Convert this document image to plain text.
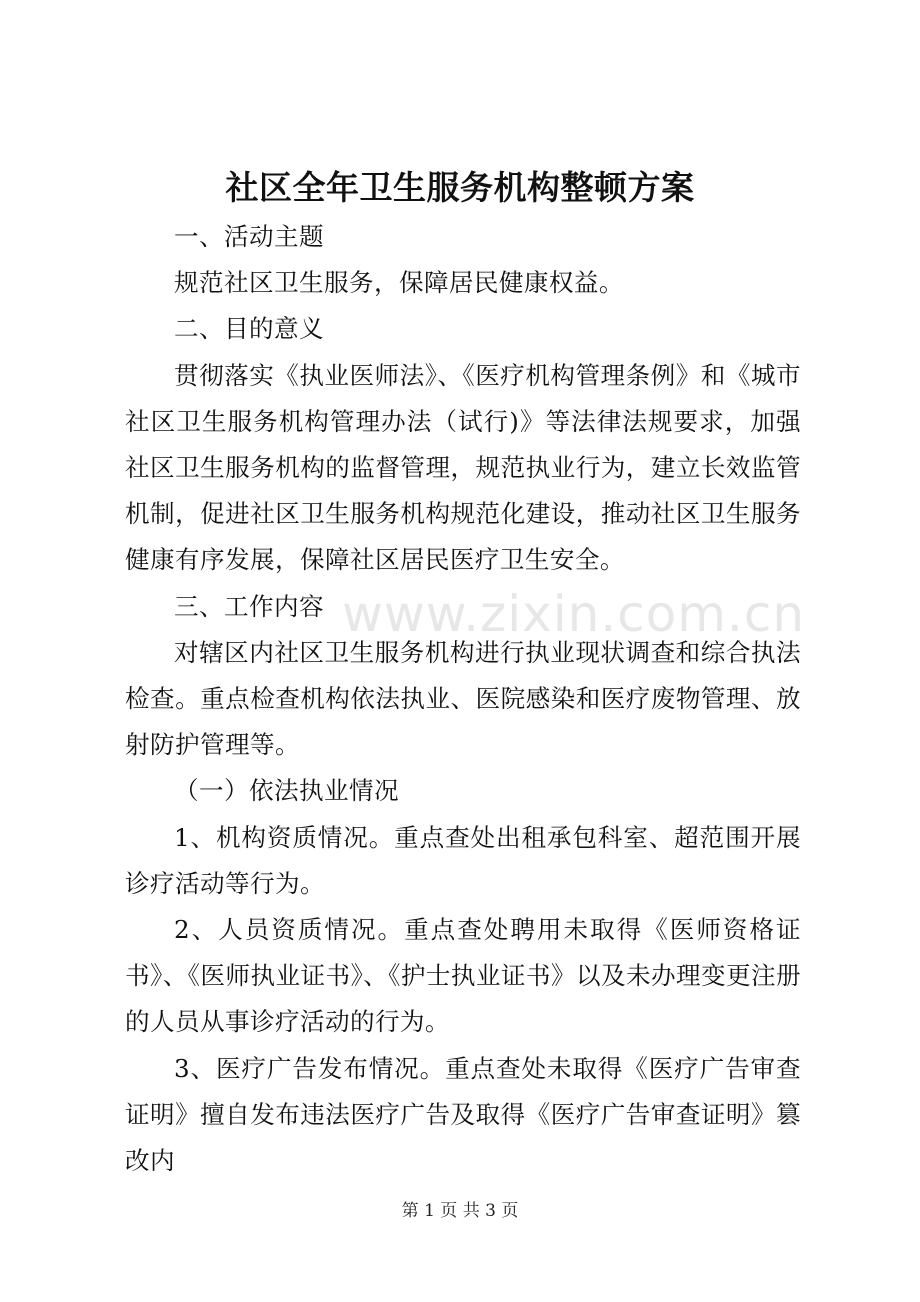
社区全年卫生服务机构整顿方案

一、活动主题

规范社区卫生服务，保障居民健康权益。

二、目的意义

贯彻落实《执业医师法》、《医疗机构管理条例》和《城市社区卫生服务机构管理办法（试行)》等法律法规要求，加强社区卫生服务机构的监督管理，规范执业行为，建立长效监管机制，促进社区卫生服务机构规范化建设，推动社区卫生服务健康有序发展，保障社区居民医疗卫生安全。

三、工作内容

对辖区内社区卫生服务机构进行执业现状调查和综合执法检查。重点检查机构依法执业、医院感染和医疗废物管理、放射防护管理等。

（一）依法执业情况

1、机构资质情况。重点查处出租承包科室、超范围开展诊疗活动等行为。

2、人员资质情况。重点查处聘用未取得《医师资格证书》、《医师执业证书》、《护士执业证书》以及未办理变更注册的人员从事诊疗活动的行为。

3、医疗广告发布情况。重点查处未取得《医疗广告审查证明》擅自发布违法医疗广告及取得《医疗广告审查证明》篡改内

www.zixin.com.cn
第 1 页 共 3 页
